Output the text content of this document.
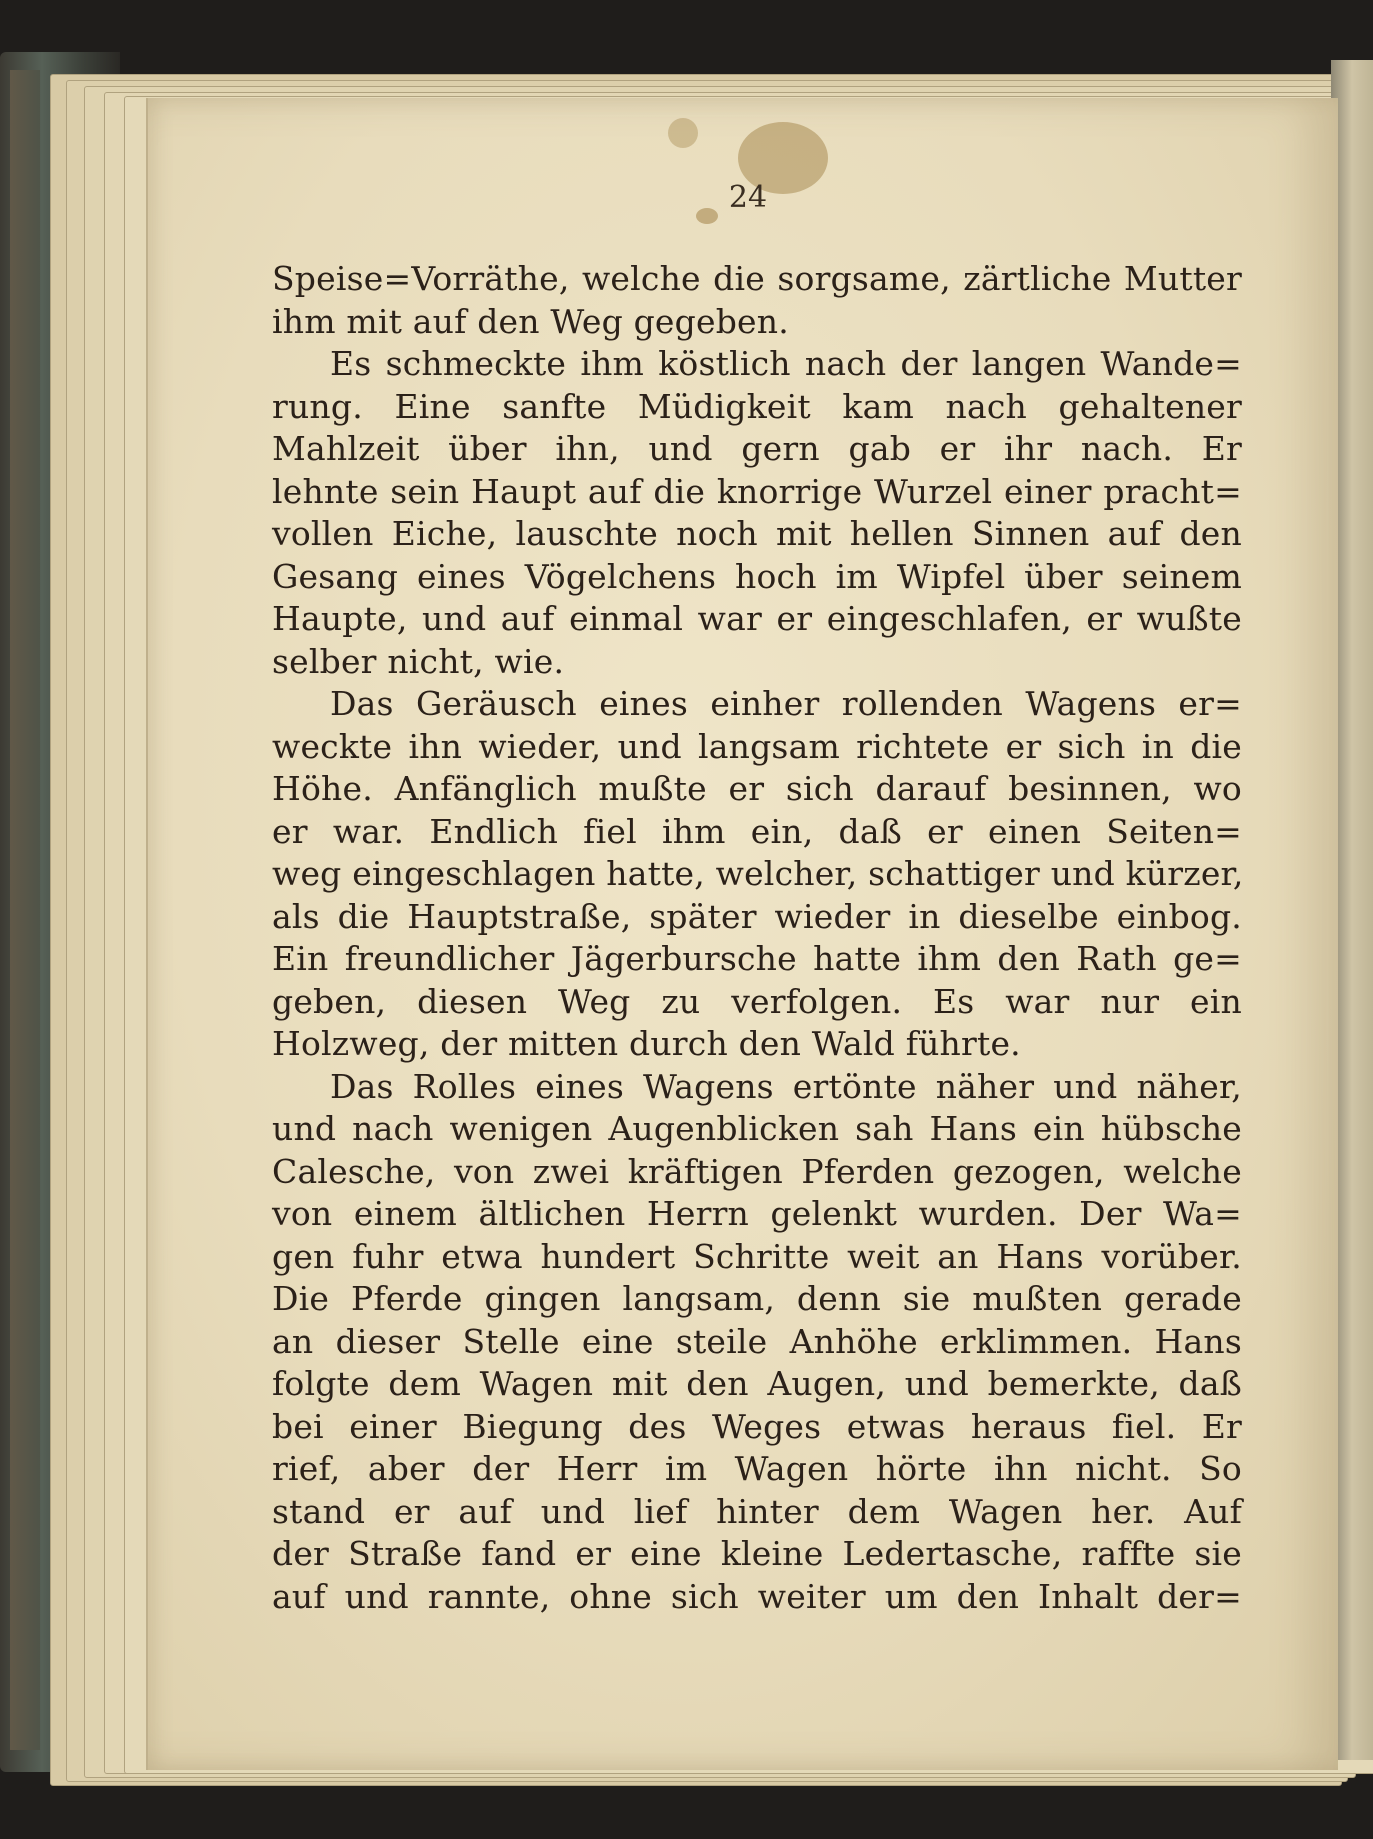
24
Speise=Vorräthe, welche die sorgsame, zärtliche Mutter
ihm mit auf den Weg gegeben.
Es schmeckte ihm köstlich nach der langen Wande=
rung. Eine sanfte Müdigkeit kam nach gehaltener
Mahlzeit über ihn, und gern gab er ihr nach. Er
lehnte sein Haupt auf die knorrige Wurzel einer pracht=
vollen Eiche, lauschte noch mit hellen Sinnen auf den
Gesang eines Vögelchens hoch im Wipfel über seinem
Haupte, und auf einmal war er eingeschlafen, er wußte
selber nicht, wie.
Das Geräusch eines einher rollenden Wagens er=
weckte ihn wieder, und langsam richtete er sich in die
Höhe. Anfänglich mußte er sich darauf besinnen, wo
er war. Endlich fiel ihm ein, daß er einen Seiten=
weg eingeschlagen hatte, welcher, schattiger und kürzer,
als die Hauptstraße, später wieder in dieselbe einbog.
Ein freundlicher Jägerbursche hatte ihm den Rath ge=
geben, diesen Weg zu verfolgen. Es war nur ein
Holzweg, der mitten durch den Wald führte.
Das Rolles eines Wagens ertönte näher und näher,
und nach wenigen Augenblicken sah Hans ein hübsche
Calesche, von zwei kräftigen Pferden gezogen, welche
von einem ältlichen Herrn gelenkt wurden. Der Wa=
gen fuhr etwa hundert Schritte weit an Hans vorüber.
Die Pferde gingen langsam, denn sie mußten gerade
an dieser Stelle eine steile Anhöhe erklimmen. Hans
folgte dem Wagen mit den Augen, und bemerkte, daß
bei einer Biegung des Weges etwas heraus fiel. Er
rief, aber der Herr im Wagen hörte ihn nicht. So
stand er auf und lief hinter dem Wagen her. Auf
der Straße fand er eine kleine Ledertasche, raffte sie
auf und rannte, ohne sich weiter um den Inhalt der=
